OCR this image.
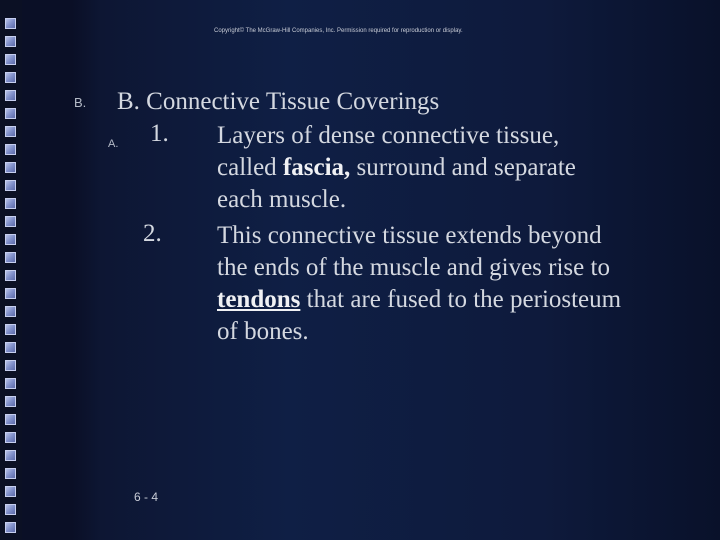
Copyright© The McGraw-Hill Companies, Inc. Permission required for reproduction or display.
B. B. Connective Tissue Coverings
A. 1. Layers of dense connective tissue,
called fascia, surround and separate
each muscle.
2. This connective tissue extends beyond
the ends of the muscle and gives rise to
tendons that are fused to the periosteum
of bones.
6 - 4
